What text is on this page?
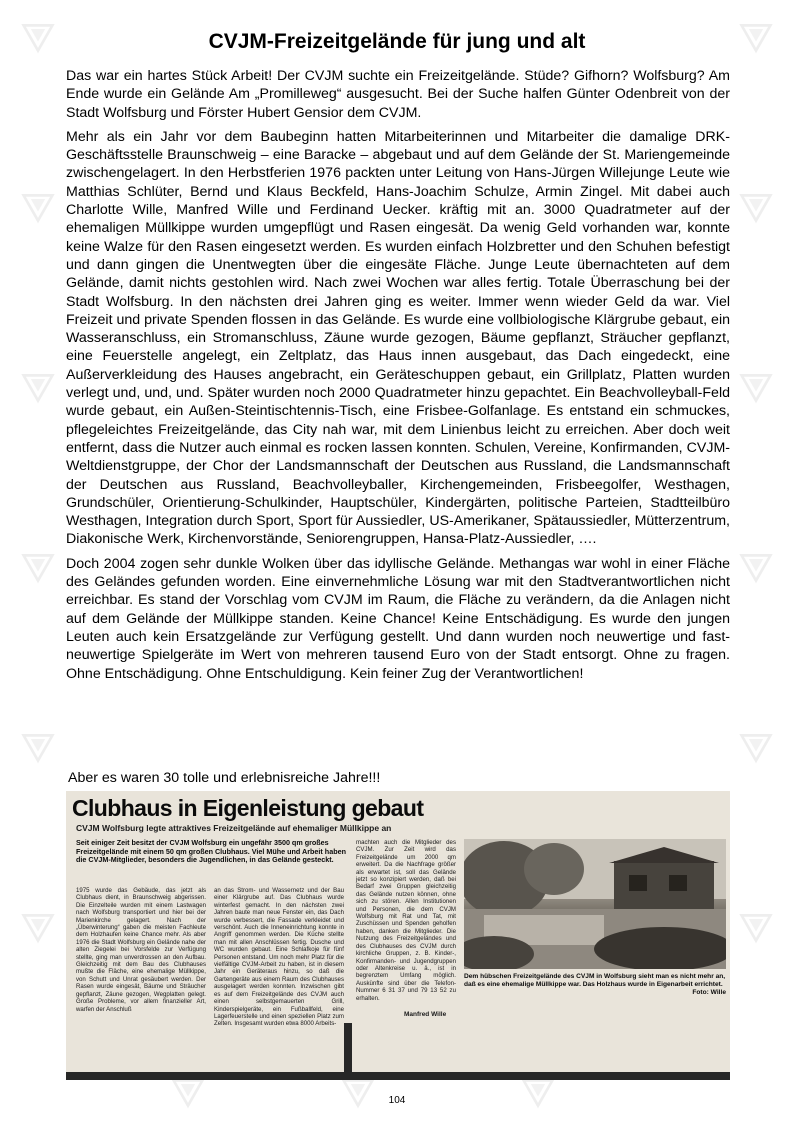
CVJM-Freizeitgelände für jung und alt

Das war ein hartes Stück Arbeit! Der CVJM suchte ein Freizeitgelände. Stüde? Gifhorn? Wolfsburg? Am Ende wurde ein Gelände Am „Promilleweg“ ausgesucht. Bei der Suche halfen Günter Odenbreit von der Stadt Wolfsburg und Förster Hubert Gensior dem CVJM.

Mehr als ein Jahr vor dem Baubeginn hatten Mitarbeiterinnen und Mitarbeiter die damalige DRK-Geschäftsstelle Braunschweig – eine Baracke – abgebaut und auf dem Gelände der St. Mariengemeinde zwischengelagert. In den Herbstferien 1976 packten unter Leitung von Hans-Jürgen Willejunge Leute wie Matthias Schlüter, Bernd und Klaus Beckfeld, Hans-Joachim Schulze, Armin Zingel. Mit dabei auch Charlotte Wille, Manfred Wille und Ferdinand Uecker. kräftig mit an. 3000 Quadratmeter auf der ehemaligen Müllkippe wurden umgepflügt und Rasen eingesät. Da wenig Geld vorhanden war, konnte keine Walze für den Rasen eingesetzt werden. Es wurden einfach Holzbretter und den Schuhen befestigt und dann gingen die Unentwegten über die eingesäte Fläche. Junge Leute übernachteten auf dem Gelände, damit nichts gestohlen wird. Nach zwei Wochen war alles fertig. Totale Überraschung bei der Stadt Wolfsburg. In den nächsten drei Jahren ging es weiter. Immer wenn wieder Geld da war. Viel Freizeit und private Spenden flossen in das Gelände. Es wurde eine vollbiologische Klärgrube gebaut, ein Wasseranschluss, ein Stromanschluss, Zäune wurde gezogen, Bäume gepflanzt, Sträucher gepflanzt, eine Feuerstelle angelegt, ein Zeltplatz, das Haus innen ausgebaut, das Dach eingedeckt, eine Außerverkleidung des Hauses angebracht, ein Geräteschuppen gebaut, ein Grillplatz, Platten wurden verlegt und, und, und. Später wurden noch 2000 Quadratmeter hinzu gepachtet. Ein Beachvolleyball-Feld wurde gebaut, ein Außen-Steintischtennis-Tisch, eine Frisbee-Golfanlage. Es entstand ein schmuckes, pflegeleichtes Freizeitgelände, das City nah war, mit dem Linienbus leicht zu erreichen. Aber doch weit entfernt, dass die Nutzer auch einmal es rocken lassen konnten. Schulen, Vereine, Konfirmanden, CVJM-Weltdienstgruppe, der Chor der Landsmannschaft der Deutschen aus Russland, die Landsmannschaft der Deutschen aus Russland, Beachvolleyballer, Kirchengemeinden, Frisbeegolfer, Westhagen, Grundschüler, Orientierung-Schulkinder, Hauptschüler, Kindergärten, politische Parteien, Stadtteilbüro Westhagen, Integration durch Sport, Sport für Aussiedler, US-Amerikaner, Spätaussiedler, Mütterzentrum, Diakonische Werk, Kirchenvorstände, Seniorengruppen, Hansa-Platz-Aussiedler, ….

Doch 2004 zogen sehr dunkle Wolken über das idyllische Gelände. Methangas war wohl in einer Fläche des Geländes gefunden worden. Eine einvernehmliche Lösung war mit den Stadtverantwortlichen nicht erreichbar. Es stand der Vorschlag vom CVJM im Raum, die Fläche zu verändern, da die Anlagen nicht auf dem Gelände der Müllkippe standen. Keine Chance! Keine Entschädigung. Es wurde den jungen Leuten auch kein Ersatzgelände zur Verfügung gestellt. Und dann wurden noch neuwertige und fast-neuwertige Spielgeräte im Wert von mehreren tausend Euro von der Stadt entsorgt. Ohne zu fragen. Ohne Entschädigung. Ohne Entschuldigung. Kein feiner Zug der Verantwortlichen!

Aber es waren 30 tolle und erlebnisreiche Jahre!!!
Clubhaus in Eigenleistung gebaut
CVJM Wolfsburg legte attraktives Freizeitgelände auf ehemaliger Müllkippe an
Seit einiger Zeit besitzt der CVJM Wolfsburg ein ungefähr 3500 qm großes Freizeitgelände mit einem 50 qm großen Clubhaus. Viel Mühe und Arbeit haben die CVJM-Mitglieder, besonders die Jugendlichen, in das Gelände gesteckt.
1975 wurde das Gebäude, das jetzt als Clubhaus dient, in Braunschweig abgerissen. Die Einzelteile wurden mit einem Lastwagen nach Wolfsburg transportiert und hier bei der Marienkirche gelagert. Nach der „Überwinterung“ gaben die meisten Fachleute dem Holzhaufen keine Chance mehr. Als aber 1976 die Stadt Wolfsburg ein Gelände nahe der alten Ziegelei bei Vorsfelde zur Verfügung stellte, ging man unverdrossen an den Aufbau. Gleichzeitig mit dem Bau des Clubhauses mußte die Fläche, eine ehemalige Müllkippe, von Schutt und Unrat gesäubert werden. Der Rasen wurde eingesät, Bäume und Sträucher gepflanzt, Zäune gezogen, Wegplatten gelegt. Große Probleme, vor allem finanzieller Art, warfen der Anschluß
an das Strom- und Wassernetz und der Bau einer Klärgrube auf. Das Clubhaus wurde winterfest gemacht. In den nächsten zwei Jahren baute man neue Fenster ein, das Dach wurde verbessert, die Fassade verkleidet und verschönt. Auch die Inneneinrichtung konnte in Angriff genommen werden. Die Küche stellte man mit allen Anschlüssen fertig. Dusche und WC wurden gebaut. Eine Schlafkoje für fünf Personen entstand. Um noch mehr Platz für die vielfältige CVJM-Arbeit zu haben, ist in diesem Jahr ein Geräteraus hinzu, so daß die Gartengeräte aus einem Raum des Clubhauses ausgelagert werden konnten. Inzwischen gibt es auf dem Freizeitgelände des CVJM auch einen selbstgemauerten Grill, Kinderspielgeräte, ein Fußballfeld, eine Lagerfeuerstelle und einen speziellen Platz zum Zelten. Insgesamt wurden etwa 8000 Arbeits-
machten auch die Mitglieder des CVJM. Zur Zeit wird das Freizeitgelände um 2000 qm erweitert. Da die Nachfrage größer als erwartet ist, soll das Gelände jetzt so konzipiert werden, daß bei Bedarf zwei Gruppen gleichzeitig das Gelände nutzen können, ohne sich zu stören. Allen Institutionen und Personen, die dem CVJM Wolfsburg mit Rat und Tat, mit Zuschüssen und Spenden geholfen haben, danken die Mitglieder. Die Nutzung des Freizeitgeländes und des Clubhauses des CVJM durch kirchliche Gruppen, z. B. Kinder-, Konfirmanden- und Jugendgruppen oder Altenkreise u. ä., ist in begrenztem Umfang möglich. Auskünfte sind über die Telefon-Nummer 6 31 37 und 79 13 52 zu erhalten.
Manfred Wille
Dem hübschen Freizeitgelände des CVJM in Wolfsburg sieht man es nicht mehr an, daß es eine ehemalige Müllkippe war. Das Holzhaus wurde in Eigenarbeit errichtet.
Foto: Wille
104
